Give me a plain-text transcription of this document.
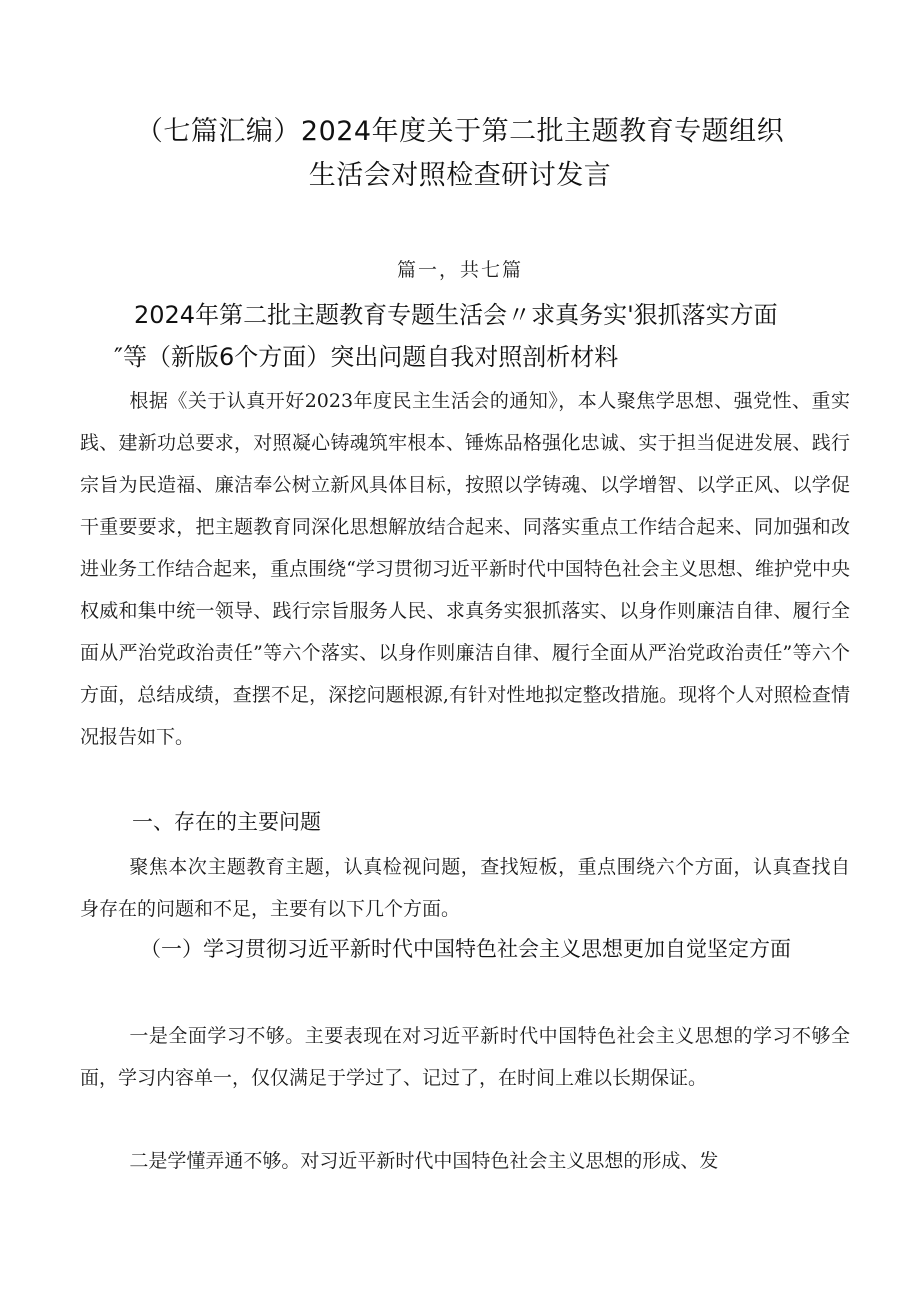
（七篇汇编）2024年度关于第二批主题教育专题组织
生活会对照检查研讨发言
篇一，共七篇
2024年第二批主题教育专题生活会〃求真务实'狠抓落实方面
″等（新版6个方面）突出问题自我对照剖析材料

根据《关于认真开好2023年度民主生活会的通知》，本人聚焦学思想、强党性、重实践、建新功总要求，对照凝心铸魂筑牢根本、锤炼品格强化忠诚、实于担当促进发展、践行宗旨为民造福、廉洁奉公树立新风具体目标，按照以学铸魂、以学增智、以学正风、以学促干重要要求，把主题教育同深化思想解放结合起来、同落实重点工作结合起来、同加强和改进业务工作结合起来，重点围绕“学习贯彻习近平新时代中国特色社会主义思想、维护党中央权威和集中统一领导、践行宗旨服务人民、求真务实狠抓落实、以身作则廉洁自律、履行全面从严治党政治责任”等六个落实、以身作则廉洁自律、履行全面从严治党政治责任”等六个方面，总结成绩，查摆不足，深挖问题根源,有针对性地拟定整改措施。现将个人对照检查情况报告如下。

一、存在的主要问题

聚焦本次主题教育主题，认真检视问题，查找短板，重点围绕六个方面，认真查找自身存在的问题和不足，主要有以下几个方面。

（一）学习贯彻习近平新时代中国特色社会主义思想更加自觉坚定方面

一是全面学习不够。主要表现在对习近平新时代中国特色社会主义思想的学习不够全面，学习内容单一，仅仅满足于学过了、记过了，在时间上难以长期保证。

二是学懂弄通不够。对习近平新时代中国特色社会主义思想的形成、发
